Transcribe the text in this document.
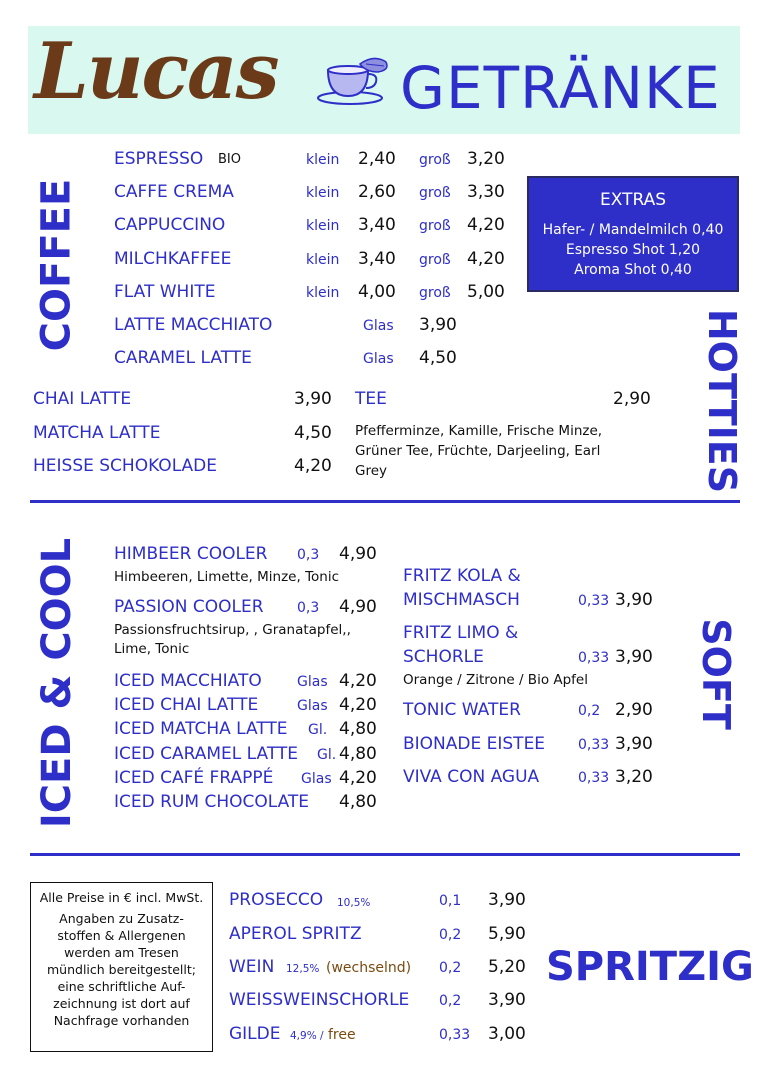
Lucas GETRÄNKE
COFFEE
ESPRESSO BIO	klein 2,40 groß 3,20
CAFFE CREMA	klein 2,60 groß 3,30
CAPPUCCINO	klein 3,40 groß 4,20
MILCHKAFFEE	klein 3,40 groß 4,20
FLAT WHITE	klein 4,00 groß 5,00
LATTE MACCHIATO	Glas 3,90
CARAMEL LATTE	Glas 4,50
EXTRAS
Hafer- / Mandelmilch 0,40
Espresso Shot 1,20
Aroma Shot 0,40
HOTTIES
CHAI LATTE	3,90
MATCHA LATTE	4,50
HEISSE SCHOKOLADE	4,20
TEE	2,90
Pfefferminze, Kamille, Frische Minze,
Grüner Tee, Früchte, Darjeeling, Earl
Grey
ICED & COOL HIMBEER COOLER 0,3 4,90
Himbeeren, Limette, Minze, Tonic
PASSION COOLER 0,3 4,90
Passionsfruchtsirup, , Granatapfel,,
Lime, Tonic
ICED MACCHIATO	Glas 4,20
ICED CHAI LATTE	Glas 4,20
ICED MATCHA LATTE Gl. 4,80
ICED CARAMEL LATTE Gl. 4,80
ICED CAFÉ FRAPPÉ Glas 4,20
ICED RUM CHOCOLATE 4,80
SOFT
FRITZ KOLA &
MISCHMASCH	0,33 3,90
FRITZ LIMO &
SCHORLE	0,33 3,90
Orange / Zitrone / Bio Apfel
TONIC WATER	0,2 2,90
BIONADE EISTEE 0,33 3,90
VIVA CON AGUA	0,33 3,20
Alle Preise in € incl. MwSt.
Angaben zu Zusatz-
stoffen & Allergenen
werden am Tresen
mündlich bereitgestellt;
eine schriftliche Auf-
zeichnung ist dort auf
Nachfrage vorhanden
PROSECCO 10,5%	0,1 3,90
APEROL SPRITZ	0,2 5,90
WEIN 12,5% (wechselnd) 0,2 5,20
WEISSWEINSCHORLE 0,2 3,90
GILDE 4,9% / free	0,33 3,00
SPRITZIG
